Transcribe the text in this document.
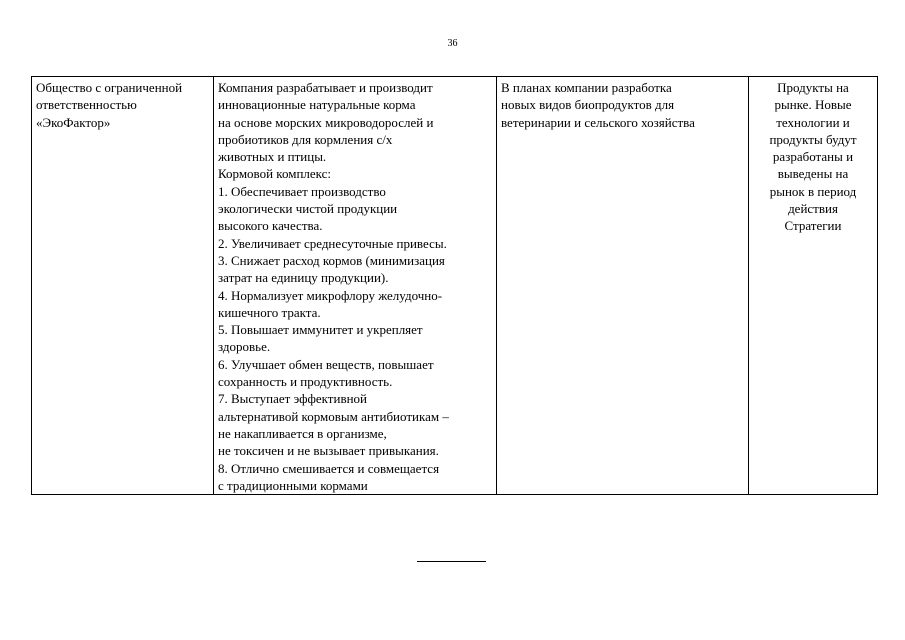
36
Общество с ограниченной
ответственностью
«ЭкоФактор»

Компания разрабатывает и производит
инновационные натуральные корма
на основе морских микроводорослей и
пробиотиков для кормления с/х
животных и птицы.
Кормовой комплекс:
1. Обеспечивает производство
экологически чистой продукции
высокого качества.
2. Увеличивает среднесуточные привесы.
3. Снижает расход кормов (минимизация
затрат на единицу продукции).
4. Нормализует микрофлору желудочно-
кишечного тракта.
5. Повышает иммунитет и укрепляет
здоровье.
6. Улучшает обмен веществ, повышает
сохранность и продуктивность.
7. Выступает эффективной
альтернативой кормовым антибиотикам –
не накапливается в организме,
не токсичен и не вызывает привыкания.
8. Отлично смешивается и совмещается
с традиционными кормами

В планах компании разработка
новых видов биопродуктов для
ветеринарии и сельского хозяйства

Продукты на
рынке. Новые
технологии и
продукты будут
разработаны и
выведены на
рынок в период
действия
Стратегии
